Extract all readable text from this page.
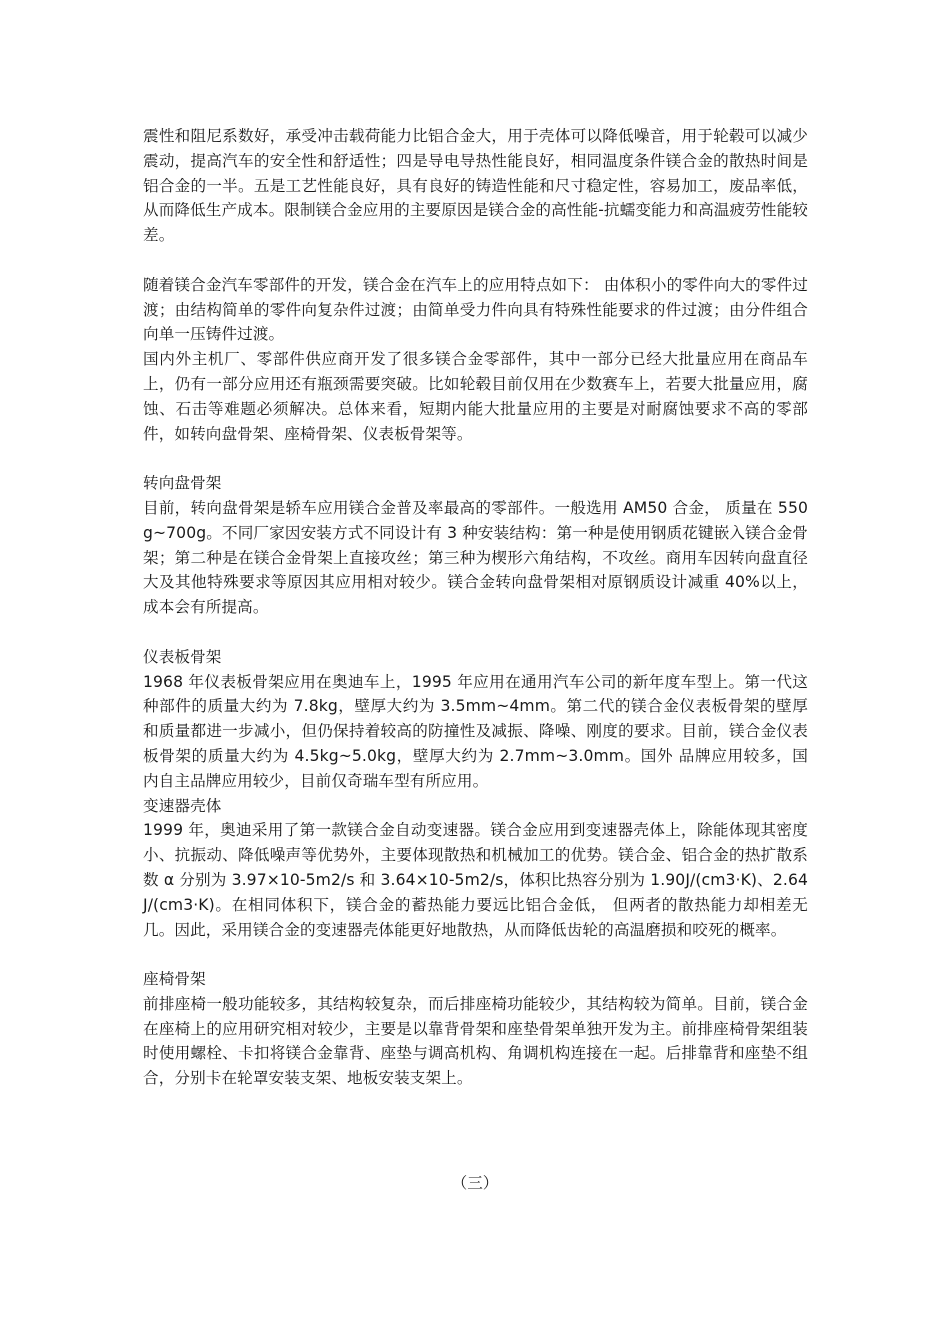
震性和阻尼系数好，承受冲击载荷能力比铝合金大，用于壳体可以降低噪音，用于轮毂可以减少震动，提高汽车的安全性和舒适性；四是导电导热性能良好，相同温度条件镁合金的散热时间是铝合金的一半。五是工艺性能良好，具有良好的铸造性能和尺寸稳定性，容易加工，废品率低，从而降低生产成本。限制镁合金应用的主要原因是镁合金的高性能-抗蠕变能力和高温疲劳性能较差。

随着镁合金汽车零部件的开发，镁合金在汽车上的应用特点如下： 由体积小的零件向大的零件过渡；由结构简单的零件向复杂件过渡；由简单受力件向具有特殊性能要求的件过渡；由分件组合向单一压铸件过渡。

国内外主机厂、零部件供应商开发了很多镁合金零部件，其中一部分已经大批量应用在商品车上，仍有一部分应用还有瓶颈需要突破。比如轮毂目前仅用在少数赛车上，若要大批量应用，腐蚀、石击等难题必须解决。总体来看，短期内能大批量应用的主要是对耐腐蚀要求不高的零部件，如转向盘骨架、座椅骨架、仪表板骨架等。

转向盘骨架

目前，转向盘骨架是轿车应用镁合金普及率最高的零部件。一般选用 AM50 合金， 质量在 550g~700g。不同厂家因安装方式不同设计有 3 种安装结构：第一种是使用钢质花键嵌入镁合金骨架；第二种是在镁合金骨架上直接攻丝；第三种为楔形六角结构，不攻丝。商用车因转向盘直径大及其他特殊要求等原因其应用相对较少。镁合金转向盘骨架相对原钢质设计减重 40%以上，成本会有所提高。

仪表板骨架

1968 年仪表板骨架应用在奥迪车上，1995 年应用在通用汽车公司的新年度车型上。第一代这种部件的质量大约为 7.8kg，壁厚大约为 3.5mm~4mm。第二代的镁合金仪表板骨架的壁厚和质量都进一步减小，但仍保持着较高的防撞性及减振、降噪、刚度的要求。目前，镁合金仪表板骨架的质量大约为 4.5kg~5.0kg，壁厚大约为 2.7mm~3.0mm。国外 品牌应用较多，国内自主品牌应用较少，目前仅奇瑞车型有所应用。

变速器壳体

1999 年，奥迪采用了第一款镁合金自动变速器。镁合金应用到变速器壳体上，除能体现其密度小、抗振动、降低噪声等优势外，主要体现散热和机械加工的优势。镁合金、铝合金的热扩散系数 α 分别为 3.97×10-5m2/s 和 3.64×10-5m2/s，体积比热容分别为 1.90J/(cm3·K)、2.64J/(cm3·K)。在相同体积下，镁合金的蓄热能力要远比铝合金低， 但两者的散热能力却相差无几。因此，采用镁合金的变速器壳体能更好地散热，从而降低齿轮的高温磨损和咬死的概率。

座椅骨架

前排座椅一般功能较多，其结构较复杂，而后排座椅功能较少，其结构较为简单。目前，镁合金在座椅上的应用研究相对较少，主要是以靠背骨架和座垫骨架单独开发为主。前排座椅骨架组装时使用螺栓、卡扣将镁合金靠背、座垫与调高机构、角调机构连接在一起。后排靠背和座垫不组合，分别卡在轮罩安装支架、地板安装支架上。

（三）
